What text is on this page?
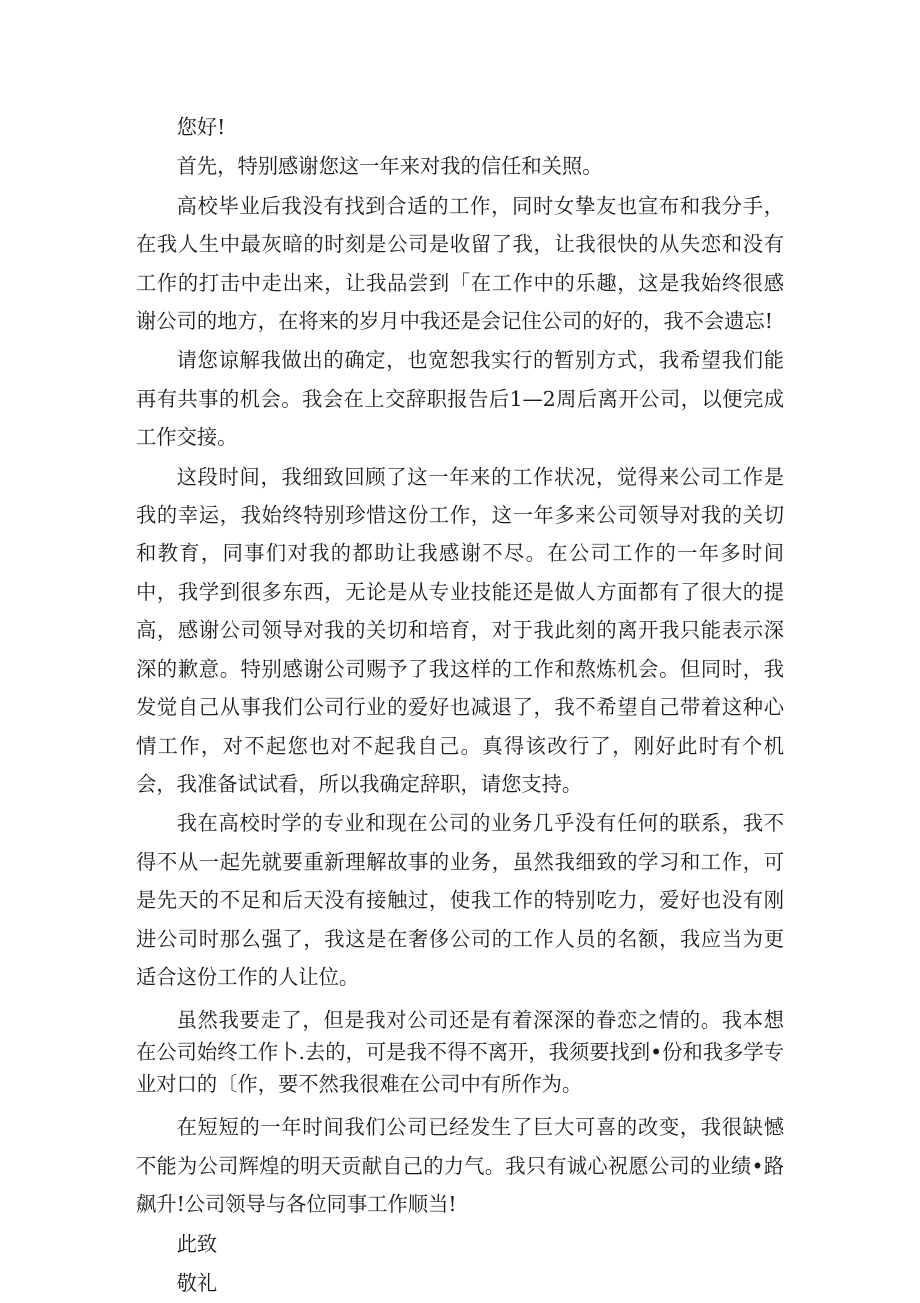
您好!

首先，特别感谢您这一年来对我的信任和关照。

高校毕业后我没有找到合适的工作，同时女挚友也宣布和我分手，在我人生中最灰暗的时刻是公司是收留了我，让我很快的从失恋和没有工作的打击中走出来，让我品尝到「在工作中的乐趣，这是我始终很感谢公司的地方，在将来的岁月中我还是会记住公司的好的，我不会遗忘!

请您谅解我做出的确定，也宽恕我实行的暂别方式，我希望我们能再有共事的机会。我会在上交辞职报告后1—2周后离开公司，以便完成工作交接。

这段时间，我细致回顾了这一年来的工作状况，觉得来公司工作是我的幸运，我始终特别珍惜这份工作，这一年多来公司领导对我的关切和教育，同事们对我的都助让我感谢不尽。在公司工作的一年多时间中，我学到很多东西，无论是从专业技能还是做人方面都有了很大的提高，感谢公司领导对我的关切和培育，对于我此刻的离开我只能表示深深的歉意。特别感谢公司赐予了我这样的工作和熬炼机会。但同时，我发觉自己从事我们公司行业的爱好也减退了，我不希望自己带着这种心情工作，对不起您也对不起我自己。真得该改行了，刚好此时有个机会，我准备试试看，所以我确定辞职，请您支持。

我在高校时学的专业和现在公司的业务几乎没有任何的联系，我不得不从一起先就要重新理解故事的业务，虽然我细致的学习和工作，可是先天的不足和后天没有接触过，使我工作的特别吃力，爱好也没有刚进公司时那么强了，我这是在奢侈公司的工作人员的名额，我应当为更适合这份工作的人让位。

虽然我要走了，但是我对公司还是有着深深的眷恋之情的。我本想在公司始终工作卜.去的，可是我不得不离开，我须要找到•份和我多学专业对口的〔作，要不然我很难在公司中有所作为。

在短短的一年时间我们公司已经发生了巨大可喜的改变，我很缺憾不能为公司辉煌的明天贡献自己的力气。我只有诚心祝愿公司的业绩•路飙升!公司领导与各位同事工作顺当!

此致

敬礼
